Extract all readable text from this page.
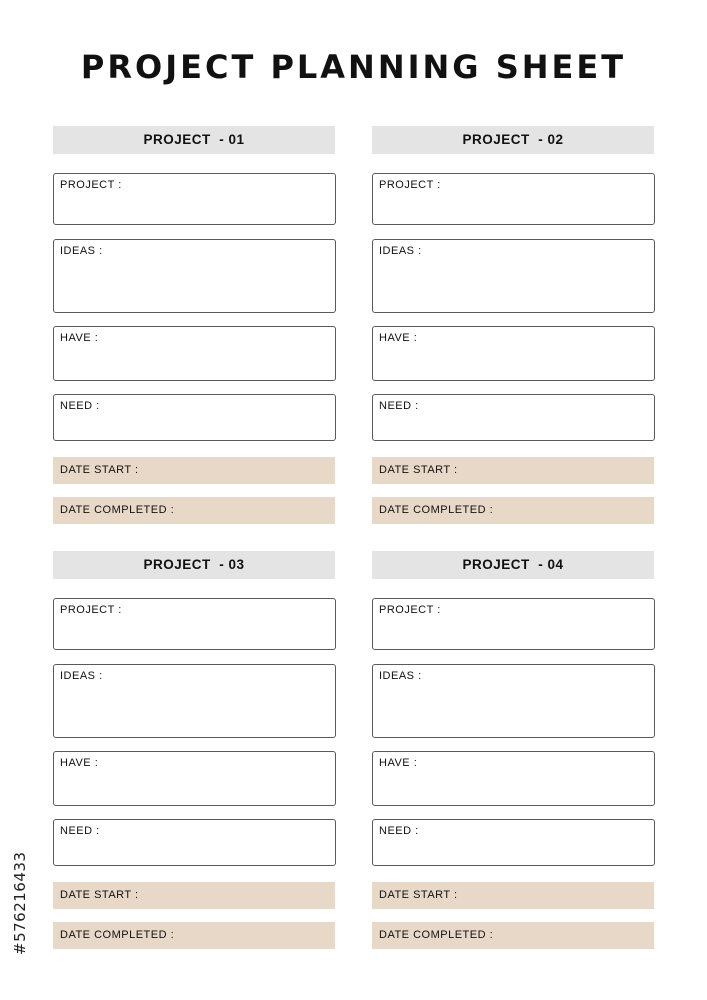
PROJECT PLANNING SHEET
PROJECT  - 01
PROJECT :
IDEAS :
HAVE :
NEED :
DATE START :
DATE COMPLETED :
PROJECT  - 02
PROJECT :
IDEAS :
HAVE :
NEED :
DATE START :
DATE COMPLETED :
PROJECT  - 03
PROJECT :
IDEAS :
HAVE :
NEED :
DATE START :
DATE COMPLETED :
PROJECT  - 04
PROJECT :
IDEAS :
HAVE :
NEED :
DATE START :
DATE COMPLETED :
#576216433
